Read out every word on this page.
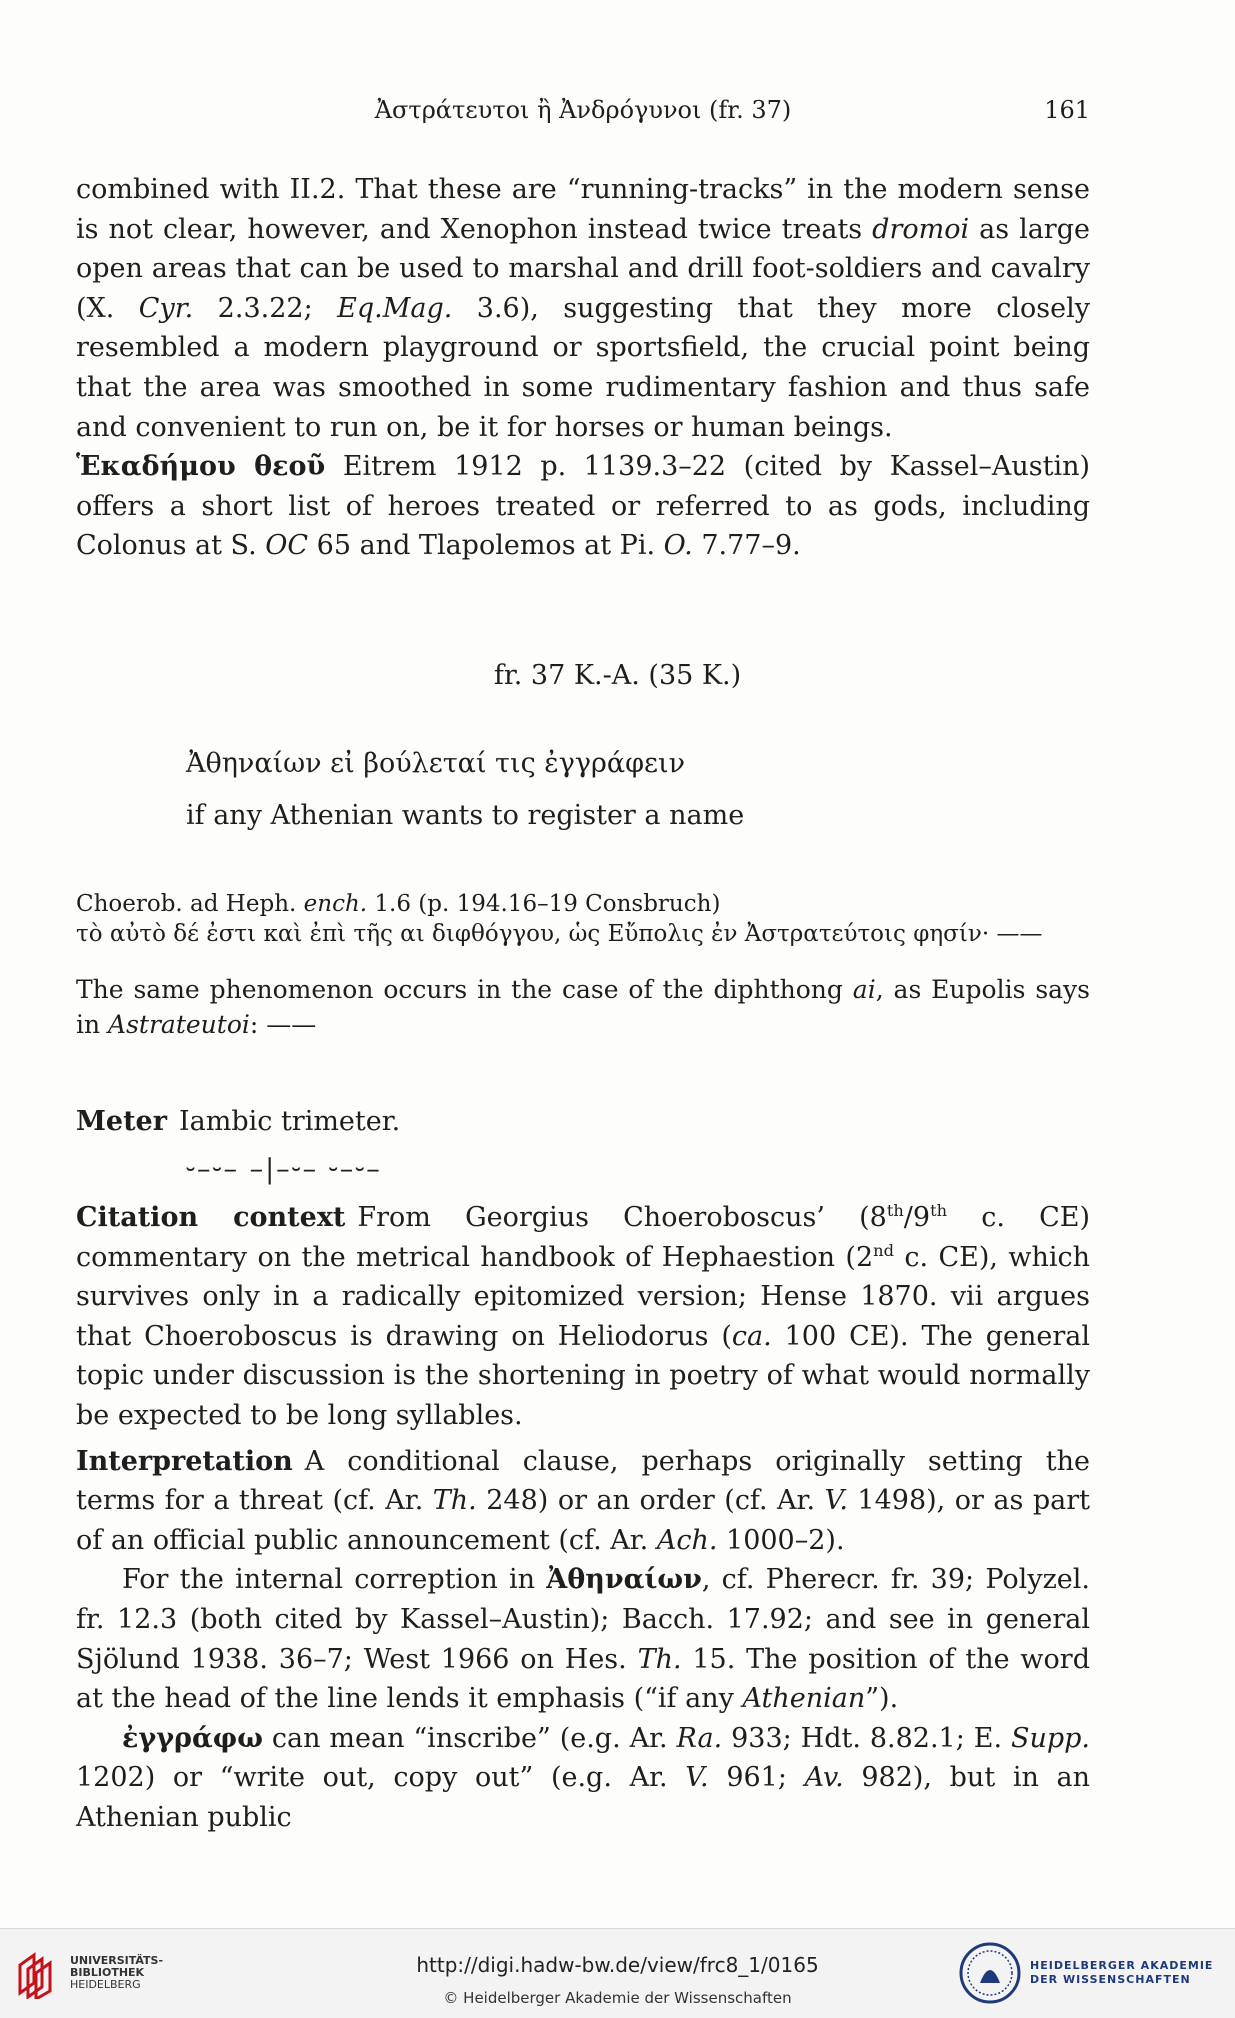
Ἀστράτευτοι ἢ Ἀνδρόγυνοι (fr. 37)	161

combined with II.2. That these are “running-tracks” in the modern sense is not clear, however, and Xenophon instead twice treats dromoi as large open areas that can be used to marshal and drill foot-soldiers and cavalry (X. Cyr. 2.3.22; Eq.Mag. 3.6), suggesting that they more closely resembled a modern playground or sportsfield, the crucial point being that the area was smoothed in some rudimentary fashion and thus safe and convenient to run on, be it for horses or human beings.

Ἑκαδήμου θεοῦ Eitrem 1912 p. 1139.3–22 (cited by Kassel–Austin) offers a short list of heroes treated or referred to as gods, including Colonus at S. OC 65 and Tlapolemos at Pi. O. 7.77–9.

fr. 37 K.-A. (35 K.)
Ἀθηναίων εἰ βούλεταί τις ἐγγράφειν
if any Athenian wants to register a name
Choerob. ad Heph. ench. 1.6 (p. 194.16–19 Consbruch)
τὸ αὐτὸ δέ ἐστι καὶ ἐπὶ τῆς αι διφθόγγου, ὡς Εὔπολις ἐν Ἀστρατεύτοις φησίν· ——
The same phenomenon occurs in the case of the diphthong ai, as Eupolis says in Astrateutoi: ——
Meter Iambic trimeter.
⏑–⏑– –|–⏑– ⏑–⏑–

Citation context From Georgius Choeroboscus’ (8th/9th c. CE) commentary on the metrical handbook of Hephaestion (2nd c. CE), which survives only in a radically epitomized version; Hense 1870. vii argues that Choeroboscus is drawing on Heliodorus (ca. 100 CE). The general topic under discussion is the shortening in poetry of what would normally be expected to be long syllables.

Interpretation A conditional clause, perhaps originally setting the terms for a threat (cf. Ar. Th. 248) or an order (cf. Ar. V. 1498), or as part of an official public announcement (cf. Ar. Ach. 1000–2).

For the internal correption in Ἀθηναίων, cf. Pherecr. fr. 39; Polyzel. fr. 12.3 (both cited by Kassel–Austin); Bacch. 17.92; and see in general Sjölund 1938. 36–7; West 1966 on Hes. Th. 15. The position of the word at the head of the line lends it emphasis (“if any Athenian”).

ἐγγράφω can mean “inscribe” (e.g. Ar. Ra. 933; Hdt. 8.82.1; E. Supp. 1202) or “write out, copy out” (e.g. Ar. V. 961; Av. 982), but in an Athenian public

UNIVERSITÄTS-
BIBLIOTHEK
HEIDELBERG
http://digi.hadw-bw.de/view/frc8_1/0165
© Heidelberger Akademie der Wissenschaften
HEIDELBERGER AKADEMIE
DER WISSENSCHAFTEN
